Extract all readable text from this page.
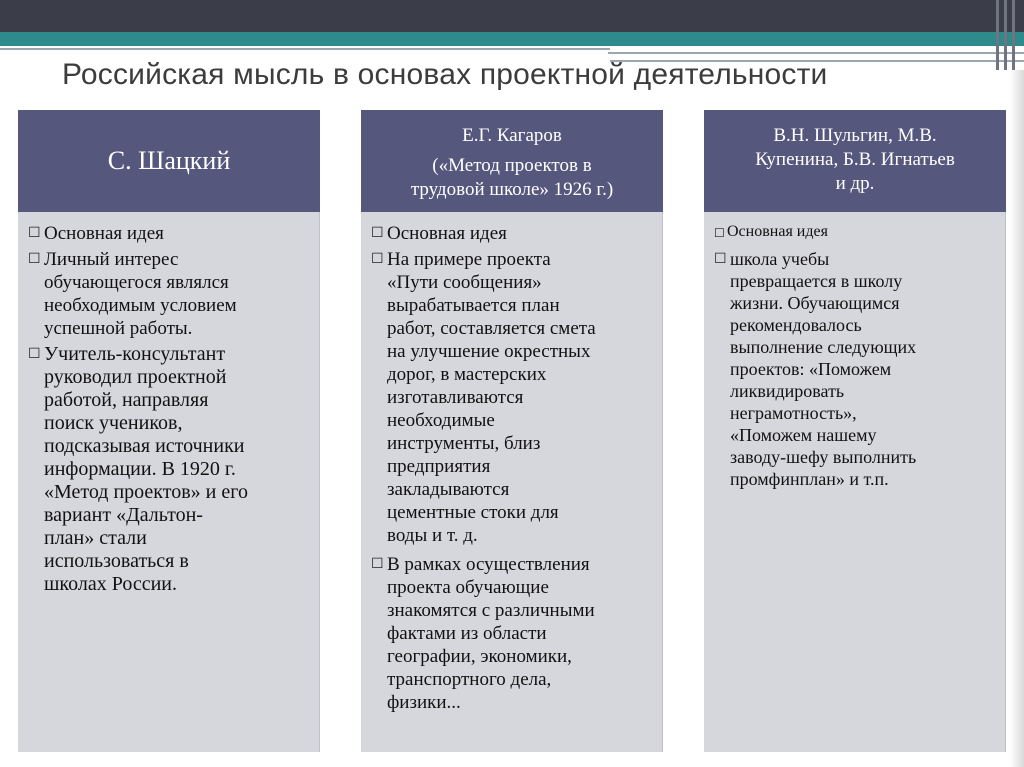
Российская мысль в основах проектной деятельности
С. Шацкий
☐ Основная идея
☐ Личный интерес
обучающегося являлся
необходимым условием
успешной работы.
☐ Учитель-консультант
руководил проектной
работой, направляя
поиск учеников,
подсказывая источники
информации. В 1920 г.
«Метод проектов» и его
вариант «Дальтон-
план» стали
использоваться в
школах России.
Е.Г. Кагаров
(«Метод проектов в
трудовой школе» 1926 г.)
☐ Основная идея
☐ На примере проекта
«Пути сообщения»
вырабатывается план
работ, составляется смета
на улучшение окрестных
дорог, в мастерских
изготавливаются
необходимые
инструменты, близ
предприятия
закладываются
цементные стоки для
воды и т. д.
☐ В рамках осуществления
проекта обучающие
знакомятся с различными
фактами из области
географии, экономики,
транспортного дела,
физики...
В.Н. Шульгин, М.В.
Купенина, Б.В. Игнатьев
и др.
☐ Основная идея
☐ школа учебы
превращается в школу
жизни. Обучающимся
рекомендовалось
выполнение следующих
проектов: «Поможем
ликвидировать
неграмотность»,
«Поможем нашему
заводу-шефу выполнить
промфинплан» и т.п.
